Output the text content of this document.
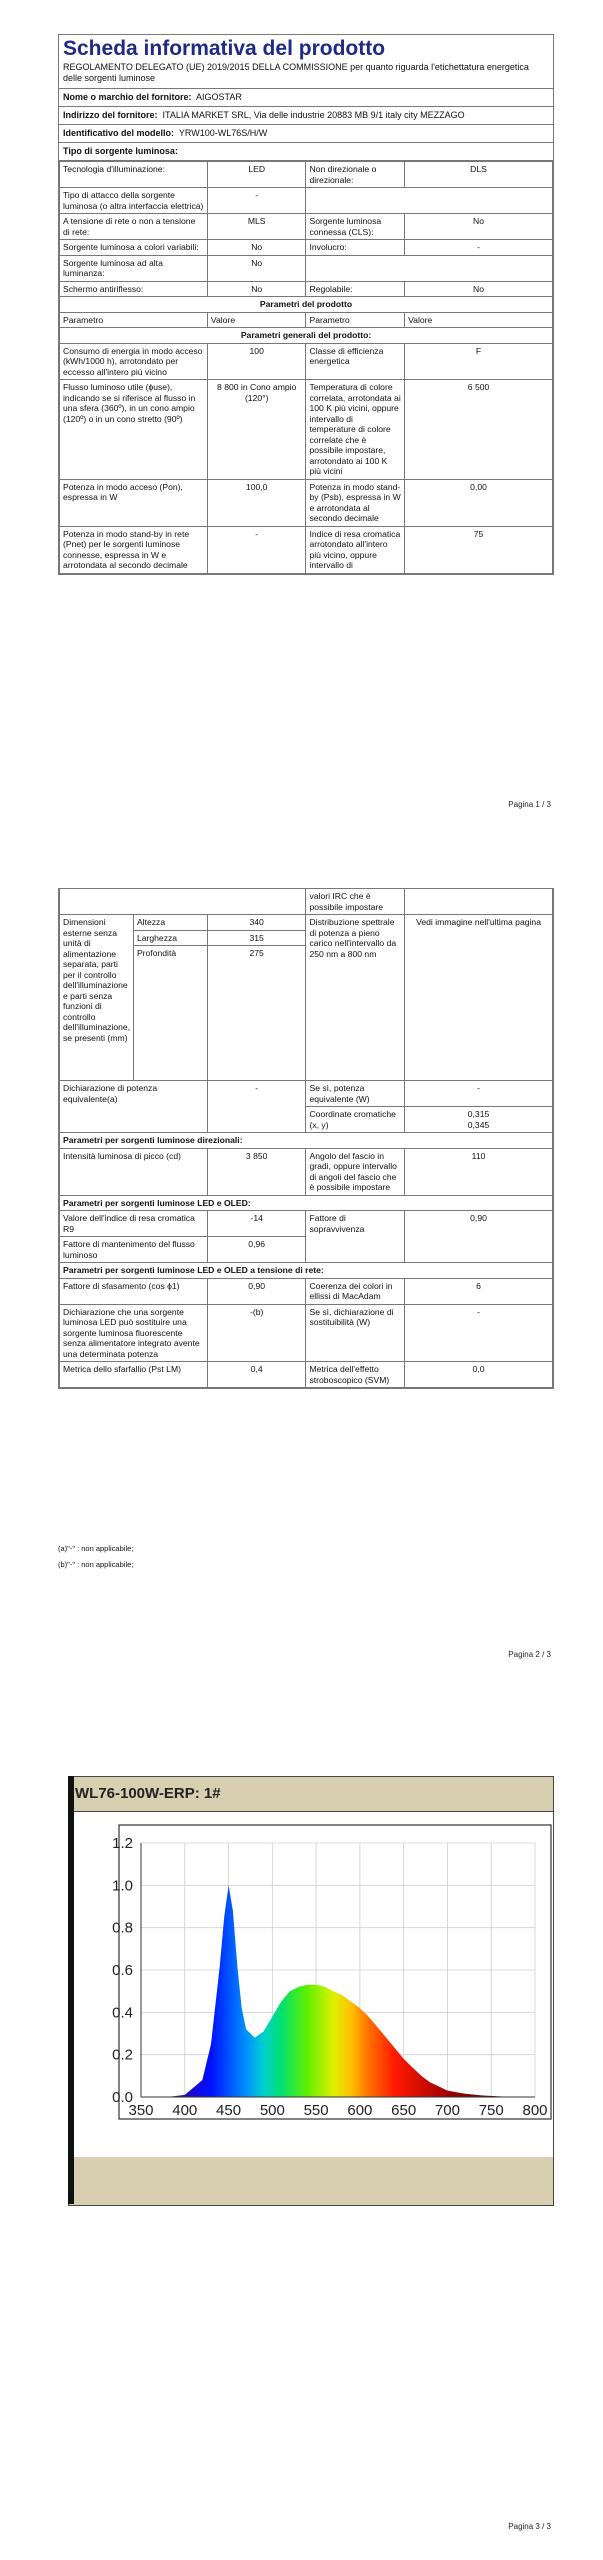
Scheda informativa del prodotto
REGOLAMENTO DELEGATO (UE) 2019/2015 DELLA COMMISSIONE per quanto riguarda l'etichettatura energetica delle sorgenti luminose
Nome o marchio del fornitore: AIGOSTAR
Indirizzo del fornitore: ITALIA MARKET SRL, Via delle industrie 20883 MB 9/1 italy city MEZZAGO
Identificativo del modello: YRW100-WL76S/H/W
Tipo di sorgente luminosa:
Tecnologia d'illuminazione:	LED	Non direzionale o direzionale:	DLS
Tipo di attacco della sorgente luminosa (o altra interfaccia elettrica)	-		
A tensione di rete o non a tensione di rete:	MLS	Sorgente luminosa connessa (CLS):	No
Sorgente luminosa a colori variabili:	No	Involucro:	-
Sorgente luminosa ad alta luminanza:	No		
Schermo antiriflesso:	No	Regolabile:	No
Parametri del prodotto			
Parametro	Valore	Parametro	Valore
Parametri generali del prodotto:			
Consumo di energia in modo acceso (kWh/1000 h), arrotondato per eccesso all'intero più vicino	100	Classe di efficienza energetica	F
Flusso luminoso utile (ɸuse), indicando se si riferisce al flusso in una sfera (360º), in un cono ampio (120º) o in un cono stretto (90º)	8 800 in Cono ampio (120°)	Temperatura di colore correlata, arrotondata ai 100 K più vicini, oppure intervallo di temperature di colore correlate che è possibile impostare, arrotondato ai 100 K più vicini	6 500
Potenza in modo acceso (Pon), espressa in W	100,0	Potenza in modo stand-by (Psb), espressa in W e arrotondata al secondo decimale	0,00
Potenza in modo stand-by in rete (Pnet) per le sorgenti luminose connesse, espressa in W e arrotondata al secondo decimale	-	Indice di resa cromatica arrotondato all'intero più vicino, oppure intervallo di	75
Pagina 1 / 3
			valori IRC che è possibile impostare	
Dimensioni esterne senza unità di alimentazione separata, parti per il controllo dell'illuminazione e parti senza funzioni di controllo dell'illuminazione, se presenti (mm)	Altezza	340	Distribuzione spettrale di potenza a pieno carico nell'intervallo da 250 nm a 800 nm	Vedi immagine nell'ultima pagina
	Larghezza	315		
	Profondità	275		
Dichiarazione di potenza equivalente(a)		-	Se sì, potenza equivalente (W)	-
			Coordinate cromatiche (x, y)	0,315
0,345

Parametri per sorgenti luminose direzionali:				
Intensità luminosa di picco (cd)		3 850	Angolo del fascio in gradi, oppure intervallo di angoli del fascio che è possibile impostare	110
Parametri per sorgenti luminose LED e OLED:				
Valore dell'indice di resa cromatica R9		-14	Fattore di sopravvivenza	0,90
Fattore di mantenimento del flusso luminoso		0,96		
Parametri per sorgenti luminose LED e OLED a tensione di rete:				
Fattore di sfasamento (cos ɸ1)		0,90	Coerenza dei colori in ellissi di MacAdam	6
Dichiarazione che una sorgente luminosa LED può sostituire una sorgente luminosa fluorescente senza alimentatore integrato avente una determinata potenza		-(b)	Se sì, dichiarazione di sostituibilità (W)	-
Metrica dello sfarfallio (Pst LM)		0,4	Metrica dell'effetto stroboscopico (SVM)	0,0
(a)"-" : non applicabile;
(b)"-" : non applicabile;
Pagina 2 / 3
WL76-100W-ERP: 1#
350 400 450 500 550 600 650 700 750 800
0.0
0.2
0.4
0.6
0.8
1.0
1.2
Pagina 3 / 3
